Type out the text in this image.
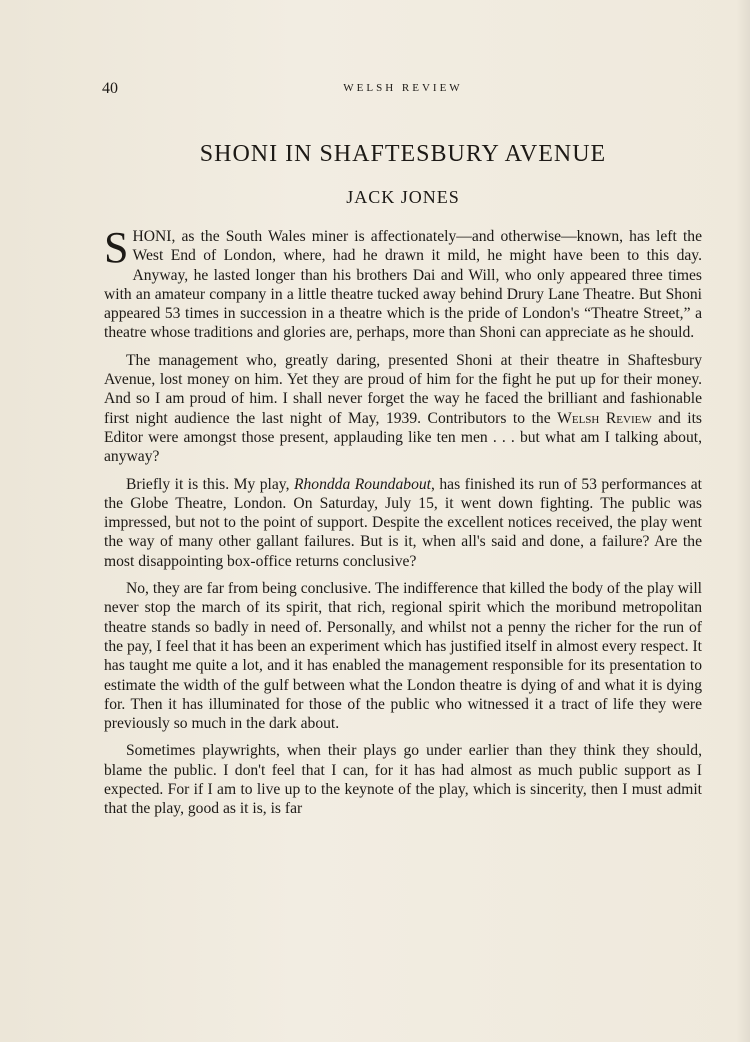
40	WELSH REVIEW
SHONI IN SHAFTESBURY AVENUE
JACK JONES

SHONI, as the South Wales miner is affectionately—and otherwise—known, has left the West End of London, where, had he drawn it mild, he might have been to this day. Anyway, he lasted longer than his brothers Dai and Will, who only appeared three times with an amateur company in a little theatre tucked away behind Drury Lane Theatre. But Shoni appeared 53 times in succession in a theatre which is the pride of London's “Theatre Street,” a theatre whose traditions and glories are, perhaps, more than Shoni can appreciate as he should.

The management who, greatly daring, presented Shoni at their theatre in Shaftesbury Avenue, lost money on him. Yet they are proud of him for the fight he put up for their money. And so I am proud of him. I shall never forget the way he faced the brilliant and fashionable first night audience the last night of May, 1939. Contributors to the Welsh Review and its Editor were amongst those present, applauding like ten men . . . but what am I talking about, anyway?

Briefly it is this. My play, Rhondda Roundabout, has finished its run of 53 performances at the Globe Theatre, London. On Saturday, July 15, it went down fighting. The public was impressed, but not to the point of support. Despite the excellent notices received, the play went the way of many other gallant failures. But is it, when all's said and done, a failure? Are the most disappointing box-office returns conclusive?

No, they are far from being conclusive. The indifference that killed the body of the play will never stop the march of its spirit, that rich, regional spirit which the moribund metropolitan theatre stands so badly in need of. Personally, and whilst not a penny the richer for the run of the pay, I feel that it has been an experiment which has justified itself in almost every respect. It has taught me quite a lot, and it has enabled the management responsible for its presentation to estimate the width of the gulf between what the London theatre is dying of and what it is dying for. Then it has illuminated for those of the public who witnessed it a tract of life they were previously so much in the dark about.

Sometimes playwrights, when their plays go under earlier than they think they should, blame the public. I don't feel that I can, for it has had almost as much public support as I expected. For if I am to live up to the keynote of the play, which is sincerity, then I must admit that the play, good as it is, is far
